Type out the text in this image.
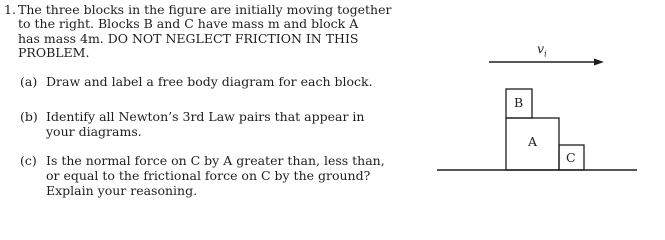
1. The three blocks in the figure are initially moving together
to the right. Blocks B and C have mass m and block A
has mass 4m. DO NOT NEGLECT FRICTION IN THIS
PROBLEM.
(a) Draw and label a free body diagram for each block.
(b) Identify all Newton’s 3rd Law pairs that appear in
your diagrams.
(c) Is the normal force on C by A greater than, less than,
or equal to the frictional force on C by the ground?
Explain your reasoning.
$v_i$
A
B
C
